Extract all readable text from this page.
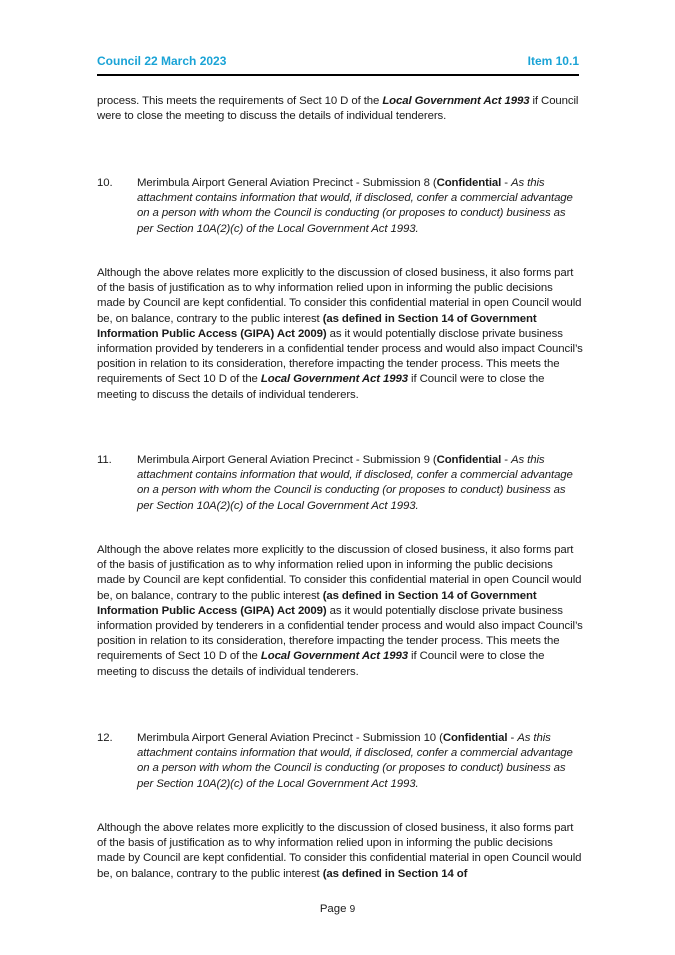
Council 22 March 2023	Item 10.1
process. This meets the requirements of Sect 10 D of the Local Government Act 1993 if Council were to close the meeting to discuss the details of individual tenderers.
10. Merimbula Airport General Aviation Precinct - Submission 8 (Confidential - As this attachment contains information that would, if disclosed, confer a commercial advantage on a person with whom the Council is conducting (or proposes to conduct) business as per Section 10A(2)(c) of the Local Government Act 1993.
Although the above relates more explicitly to the discussion of closed business, it also forms part of the basis of justification as to why information relied upon in informing the public decisions made by Council are kept confidential. To consider this confidential material in open Council would be, on balance, contrary to the public interest (as defined in Section 14 of Government Information Public Access (GIPA) Act 2009) as it would potentially disclose private business information provided by tenderers in a confidential tender process and would also impact Council’s position in relation to its consideration, therefore impacting the tender process. This meets the requirements of Sect 10 D of the Local Government Act 1993 if Council were to close the meeting to discuss the details of individual tenderers.
11. Merimbula Airport General Aviation Precinct - Submission 9 (Confidential - As this attachment contains information that would, if disclosed, confer a commercial advantage on a person with whom the Council is conducting (or proposes to conduct) business as per Section 10A(2)(c) of the Local Government Act 1993.
Although the above relates more explicitly to the discussion of closed business, it also forms part of the basis of justification as to why information relied upon in informing the public decisions made by Council are kept confidential. To consider this confidential material in open Council would be, on balance, contrary to the public interest (as defined in Section 14 of Government Information Public Access (GIPA) Act 2009) as it would potentially disclose private business information provided by tenderers in a confidential tender process and would also impact Council’s position in relation to its consideration, therefore impacting the tender process. This meets the requirements of Sect 10 D of the Local Government Act 1993 if Council were to close the meeting to discuss the details of individual tenderers.
12. Merimbula Airport General Aviation Precinct - Submission 10 (Confidential - As this attachment contains information that would, if disclosed, confer a commercial advantage on a person with whom the Council is conducting (or proposes to conduct) business as per Section 10A(2)(c) of the Local Government Act 1993.
Although the above relates more explicitly to the discussion of closed business, it also forms part of the basis of justification as to why information relied upon in informing the public decisions made by Council are kept confidential. To consider this confidential material in open Council would be, on balance, contrary to the public interest (as defined in Section 14 of
Page 9
